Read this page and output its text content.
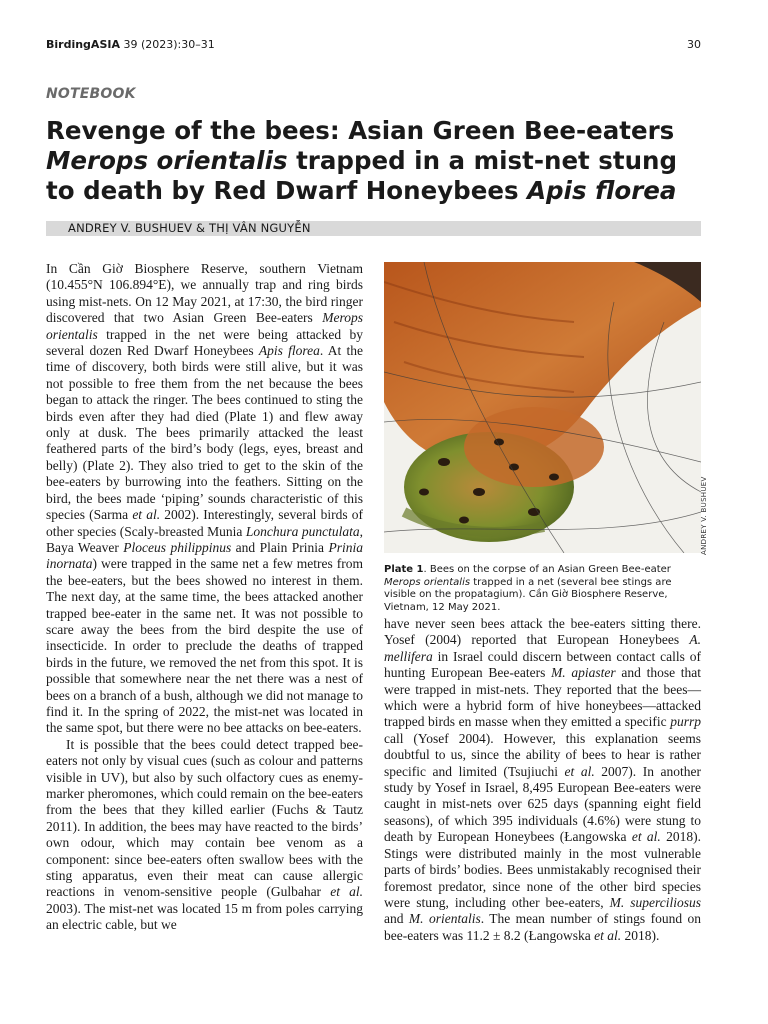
BirdingASIA 39 (2023):30–31	30
NOTEBOOK
Revenge of the bees: Asian Green Bee-eaters
Merops orientalis trapped in a mist-net stung
to death by Red Dwarf Honeybees Apis florea
ANDREY V. BUSHUEV & THỊ VÂN NGUYỄN

In Cần Giờ Biosphere Reserve, southern Vietnam (10.455°N 106.894°E), we annually trap and ring birds using mist-nets. On 12 May 2021, at 17:30, the bird ringer discovered that two Asian Green Bee-eaters Merops orientalis trapped in the net were being attacked by several dozen Red Dwarf Honeybees Apis florea. At the time of discovery, both birds were still alive, but it was not possible to free them from the net because the bees began to attack the ringer. The bees continued to sting the birds even after they had died (Plate 1) and flew away only at dusk. The bees primarily attacked the least feathered parts of the bird’s body (legs, eyes, breast and belly) (Plate 2). They also tried to get to the skin of the bee-eaters by burrowing into the feathers. Sitting on the bird, the bees made ‘piping’ sounds characteristic of this species (Sarma et al. 2002). Interestingly, several birds of other species (Scaly-breasted Munia Lonchura punctulata, Baya Weaver Ploceus philippinus and Plain Prinia Prinia inornata) were trapped in the same net a few metres from the bee-eaters, but the bees showed no interest in them. The next day, at the same time, the bees attacked another trapped bee-eater in the same net. It was not possible to scare away the bees from the bird despite the use of insecticide. In order to preclude the deaths of trapped birds in the future, we removed the net from this spot. It is possible that somewhere near the net there was a nest of bees on a branch of a bush, although we did not manage to find it. In the spring of 2022, the mist-net was located in the same spot, but there were no bee attacks on bee-eaters.

It is possible that the bees could detect trapped bee-eaters not only by visual cues (such as colour and patterns visible in UV), but also by such olfactory cues as enemy-marker pheromones, which could remain on the bee-eaters from the bees that they killed earlier (Fuchs & Tautz 2011). In addition, the bees may have reacted to the birds’ own odour, which may contain bee venom as a component: since bee-eaters often swallow bees with the sting apparatus, even their meat can cause allergic reactions in venom-sensitive people (Gulbahar et al. 2003). The mist-net was located 15 m from poles carrying an electric cable, but we

ANDREY V. BUSHUEV
Plate 1. Bees on the corpse of an Asian Green Bee-eater Merops orientalis trapped in a net (several bee stings are visible on the propatagium). Cần Giờ Biosphere Reserve, Vietnam, 12 May 2021.

have never seen bees attack the bee-eaters sitting there. Yosef (2004) reported that European Honeybees A. mellifera in Israel could discern between contact calls of hunting European Bee-eaters M. apiaster and those that were trapped in mist-nets. They reported that the bees—which were a hybrid form of hive honeybees—attacked trapped birds en masse when they emitted a specific purrp call (Yosef 2004). However, this explanation seems doubtful to us, since the ability of bees to hear is rather specific and limited (Tsujiuchi et al. 2007). In another study by Yosef in Israel, 8,495 European Bee-eaters were caught in mist-nets over 625 days (spanning eight field seasons), of which 395 individuals (4.6%) were stung to death by European Honeybees (Łangowska et al. 2018). Stings were distributed mainly in the most vulnerable parts of birds’ bodies. Bees unmistakably recognised their foremost predator, since none of the other bird species were stung, including other bee-eaters, M. superciliosus and M. orientalis. The mean number of stings found on bee-eaters was 11.2 ± 8.2 (Łangowska et al. 2018).
